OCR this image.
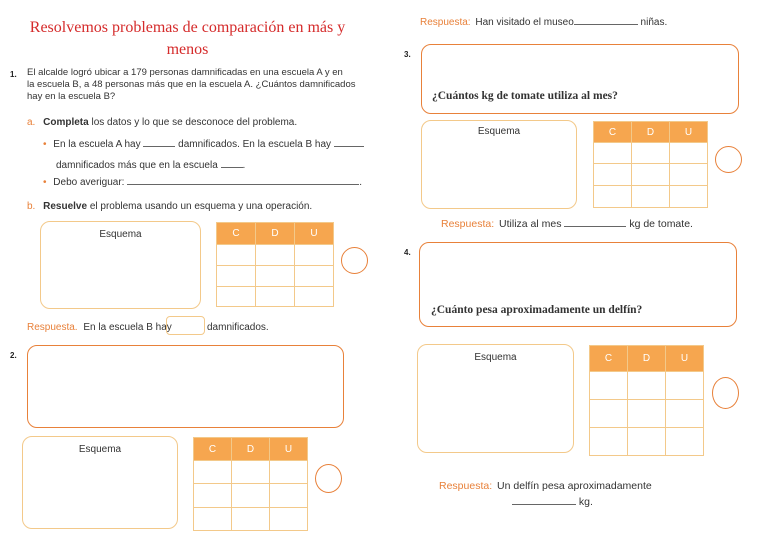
Resolvemos problemas de comparación en más y
menos
1. El alcalde logró ubicar a 179 personas damnificadas en una escuela A y en
la escuela B, a 48 personas más que en la escuela A. ¿Cuántos damnificados
hay en la escuela B?
a. Completa los datos y lo que se desconoce del problema.
• En la escuela A hay	damnificados. En la escuela B hay
damnificados más que en la escuela .
• Debo averiguar:	.
b. Resuelve el problema usando un esquema y una operación.
Esquema	C	D	U

Respuesta. En la escuela B hay	damnificados.
2.
Esquema	C	D	U

Respuesta: Han visitado el museo	niñas.
3.
¿Cuántos kg de tomate utiliza al mes?
Esquema	C	D	U

Respuesta: Utiliza al mes	kg de tomate.
4.
¿Cuánto pesa aproximadamente un delfín?
Esquema	C	D	U

Respuesta: Un delfín pesa aproximadamente
kg.
